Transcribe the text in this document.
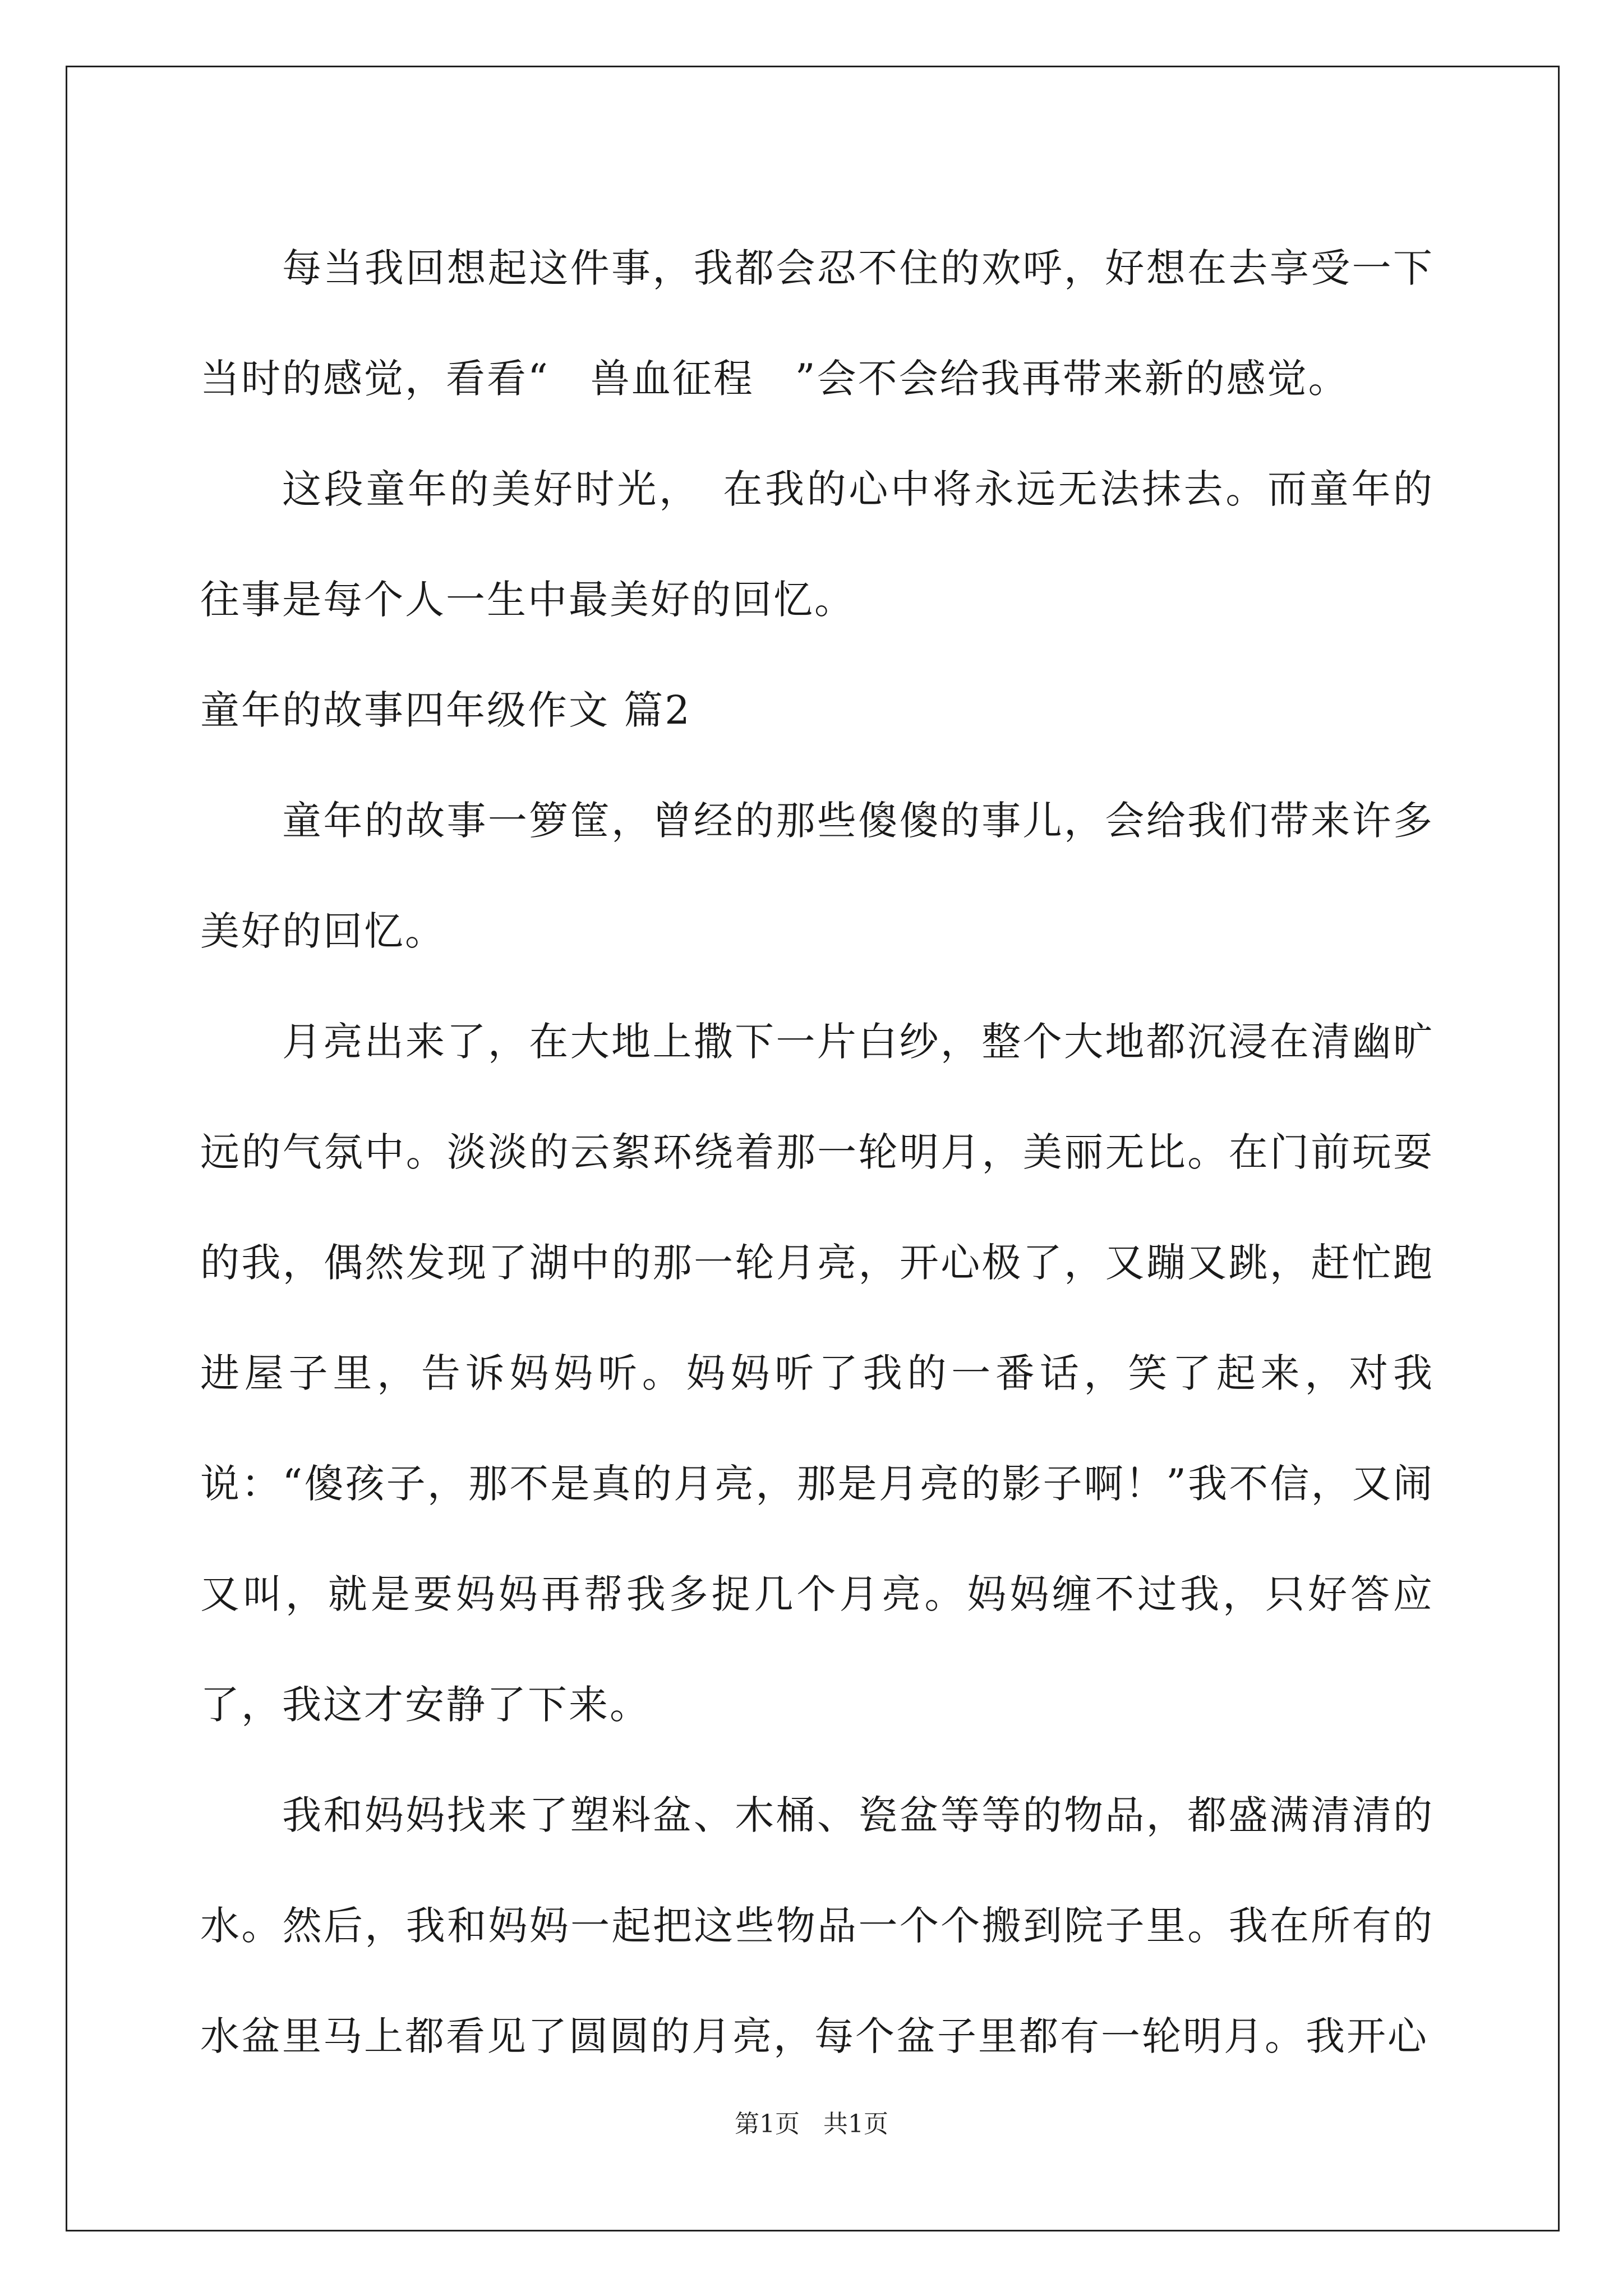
每当我回想起这件事，我都会忍不住的欢呼，好想在去享受一下当时的感觉，看看“　兽血征程　”会不会给我再带来新的感觉。

这段童年的美好时光，　在我的心中将永远无法抹去。而童年的往事是每个人一生中最美好的回忆。

童年的故事四年级作文 篇2

童年的故事一箩筐，曾经的那些傻傻的事儿，会给我们带来许多美好的回忆。

月亮出来了，在大地上撒下一片白纱，整个大地都沉浸在清幽旷远的气氛中。淡淡的云絮环绕着那一轮明月，美丽无比。在门前玩耍的我，偶然发现了湖中的那一轮月亮，开心极了，又蹦又跳，赶忙跑进屋子里，告诉妈妈听。妈妈听了我的一番话，笑了起来，对我说：“傻孩子，那不是真的月亮，那是月亮的影子啊！”我不信，又闹又叫，就是要妈妈再帮我多捉几个月亮。妈妈缠不过我，只好答应了，我这才安静了下来。

我和妈妈找来了塑料盆、木桶、瓷盆等等的物品，都盛满清清的水。然后，我和妈妈一起把这些物品一个个搬到院子里。我在所有的水盆里马上都看见了圆圆的月亮，每个盆子里都有一轮明月。我开心

第1页 共1页
